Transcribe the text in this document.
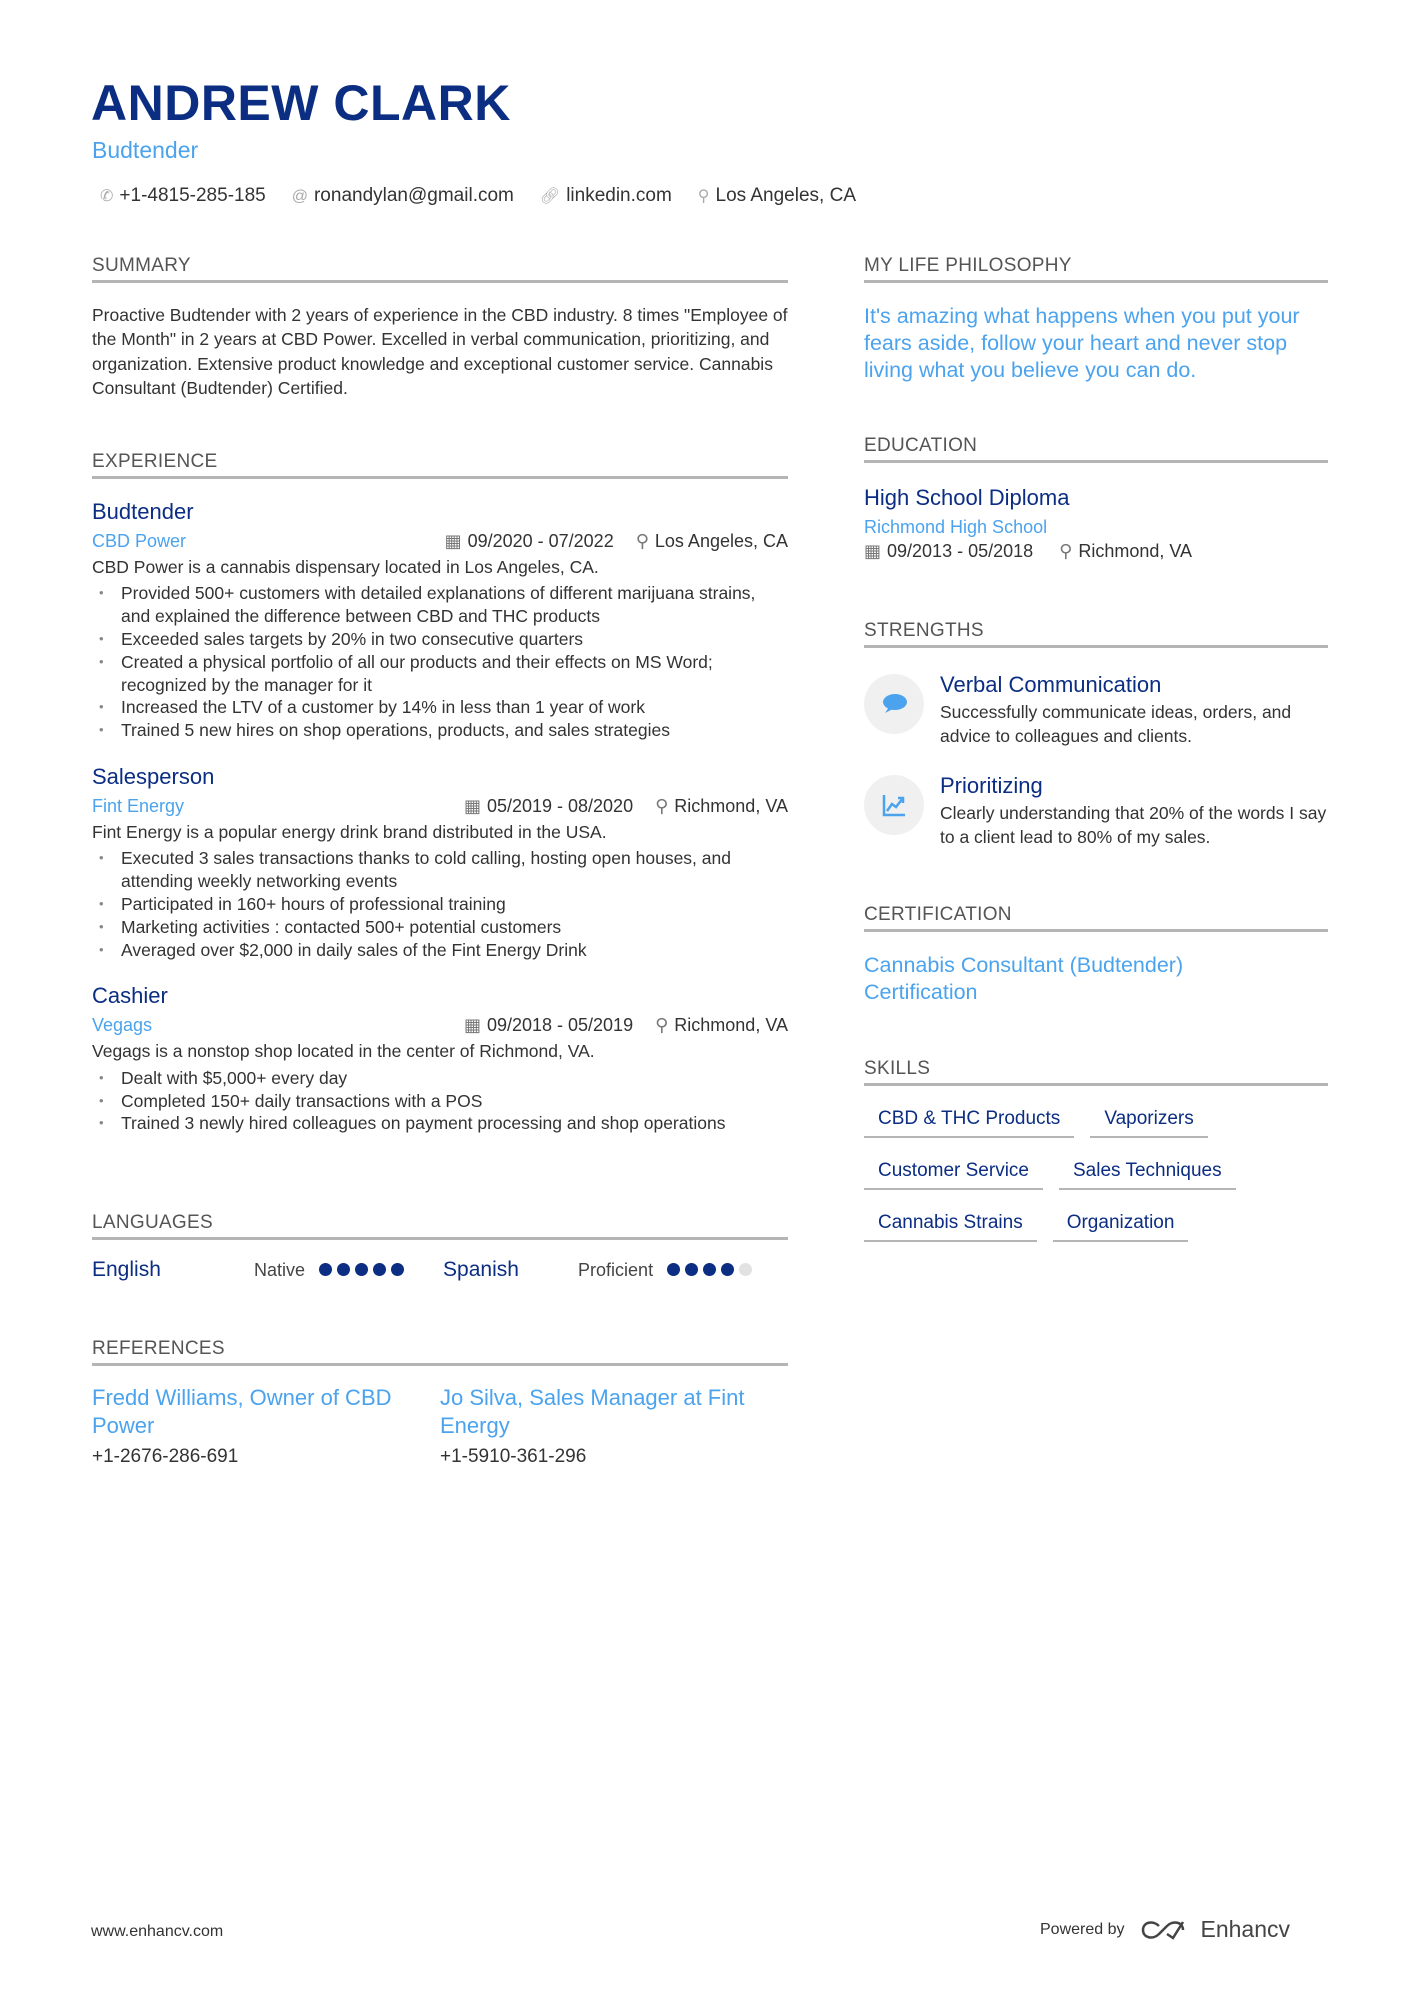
ANDREW CLARK
Budtender
✆ +1-4815-285-185 @ ronandylan@gmail.com 🔗︎ linkedin.com ⚲ Los Angeles, CA
SUMMARY
Proactive Budtender with 2 years of experience in the CBD industry. 8 times "Employee of the Month" in 2 years at CBD Power. Excelled in verbal communication, prioritizing, and organization. Extensive product knowledge and exceptional customer service. Cannabis Consultant (Budtender) Certified.
EXPERIENCE
Budtender
CBD Power	▦ 09/2020 - 07/2022 ⚲ Los Angeles, CA
CBD Power is a cannabis dispensary located in Los Angeles, CA.
• Provided 500+ customers with detailed explanations of different marijuana strains, and explained the difference between CBD and THC products
• Exceeded sales targets by 20% in two consecutive quarters
• Created a physical portfolio of all our products and their effects on MS Word; recognized by the manager for it
• Increased the LTV of a customer by 14% in less than 1 year of work
• Trained 5 new hires on shop operations, products, and sales strategies
Salesperson
Fint Energy	▦ 05/2019 - 08/2020 ⚲ Richmond, VA
Fint Energy is a popular energy drink brand distributed in the USA.
• Executed 3 sales transactions thanks to cold calling, hosting open houses, and attending weekly networking events
• Participated in 160+ hours of professional training
• Marketing activities : contacted 500+ potential customers
• Averaged over $2,000 in daily sales of the Fint Energy Drink
Cashier
Vegags	▦ 09/2018 - 05/2019 ⚲ Richmond, VA
Vegags is a nonstop shop located in the center of Richmond, VA.
• Dealt with $5,000+ every day
• Completed 150+ daily transactions with a POS
• Trained 3 newly hired colleagues on payment processing and shop operations
LANGUAGES
English	Native	Spanish	Proficient
REFERENCES
Fredd Williams, Owner of CBD Power
+1-2676-286-691
Jo Silva, Sales Manager at Fint Energy
+1-5910-361-296
MY LIFE PHILOSOPHY
It's amazing what happens when you put your fears aside, follow your heart and never stop living what you believe you can do.
EDUCATION
High School Diploma
Richmond High School
▦ 09/2013 - 05/2018 ⚲ Richmond, VA
STRENGTHS
Verbal Communication
Successfully communicate ideas, orders, and advice to colleagues and clients.
Prioritizing
Clearly understanding that 20% of the words I say to a client lead to 80% of my sales.
CERTIFICATION
Cannabis Consultant (Budtender) Certification
SKILLS
CBD & THC Products	Vaporizers
Customer Service	Sales Techniques
Cannabis Strains	Organization
www.enhancv.com	Powered by	Enhancv
